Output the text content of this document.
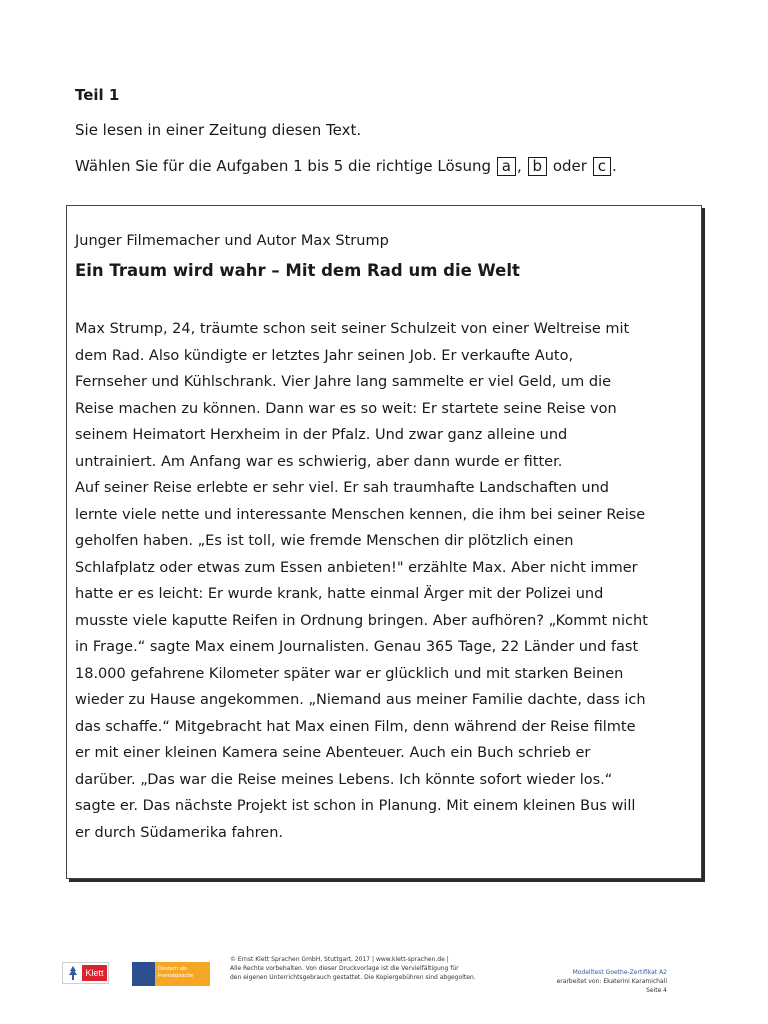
Teil 1
Sie lesen in einer Zeitung diesen Text.
Wählen Sie für die Aufgaben 1 bis 5 die richtige Lösung a , b oder c .
Junger Filmemacher und Autor Max Strump
Ein Traum wird wahr – Mit dem Rad um die Welt
Max Strump, 24, träumte schon seit seiner Schulzeit von einer Weltreise mit
dem Rad. Also kündigte er letztes Jahr seinen Job. Er verkaufte Auto,
Fernseher und Kühlschrank. Vier Jahre lang sammelte er viel Geld, um die
Reise machen zu können. Dann war es so weit: Er startete seine Reise von
seinem Heimatort Herxheim in der Pfalz. Und zwar ganz alleine und
untrainiert. Am Anfang war es schwierig, aber dann wurde er fitter.
Auf seiner Reise erlebte er sehr viel. Er sah traumhafte Landschaften und
lernte viele nette und interessante Menschen kennen, die ihm bei seiner Reise
geholfen haben. „Es ist toll, wie fremde Menschen dir plötzlich einen
Schlafplatz oder etwas zum Essen anbieten!" erzählte Max. Aber nicht immer
hatte er es leicht: Er wurde krank, hatte einmal Ärger mit der Polizei und
musste viele kaputte Reifen in Ordnung bringen. Aber aufhören? „Kommt nicht
in Frage.“ sagte Max einem Journalisten. Genau 365 Tage, 22 Länder und fast
18.000 gefahrene Kilometer später war er glücklich und mit starken Beinen
wieder zu Hause angekommen. „Niemand aus meiner Familie dachte, dass ich
das schaffe.“ Mitgebracht hat Max einen Film, denn während der Reise filmte
er mit einer kleinen Kamera seine Abenteuer. Auch ein Buch schrieb er
darüber. „Das war die Reise meines Lebens. Ich könnte sofort wieder los.“
sagte er. Das nächste Projekt ist schon in Planung. Mit einem kleinen Bus will
er durch Südamerika fahren.
Klett	Deutsch als
Fremdsprache
© Ernst Klett Sprachen GmbH, Stuttgart, 2017 | www.klett-sprachen.de |
Alle Rechte vorbehalten. Von dieser Druckvorlage ist die Vervielfältigung für
den eigenen Unterrichtsgebrauch gestattet. Die Kopiergebühren sind abgegolten.
Modelltest Goethe-Zertifikat A2
erarbeitet von: Ekaterini Karamichali
Seite 4
